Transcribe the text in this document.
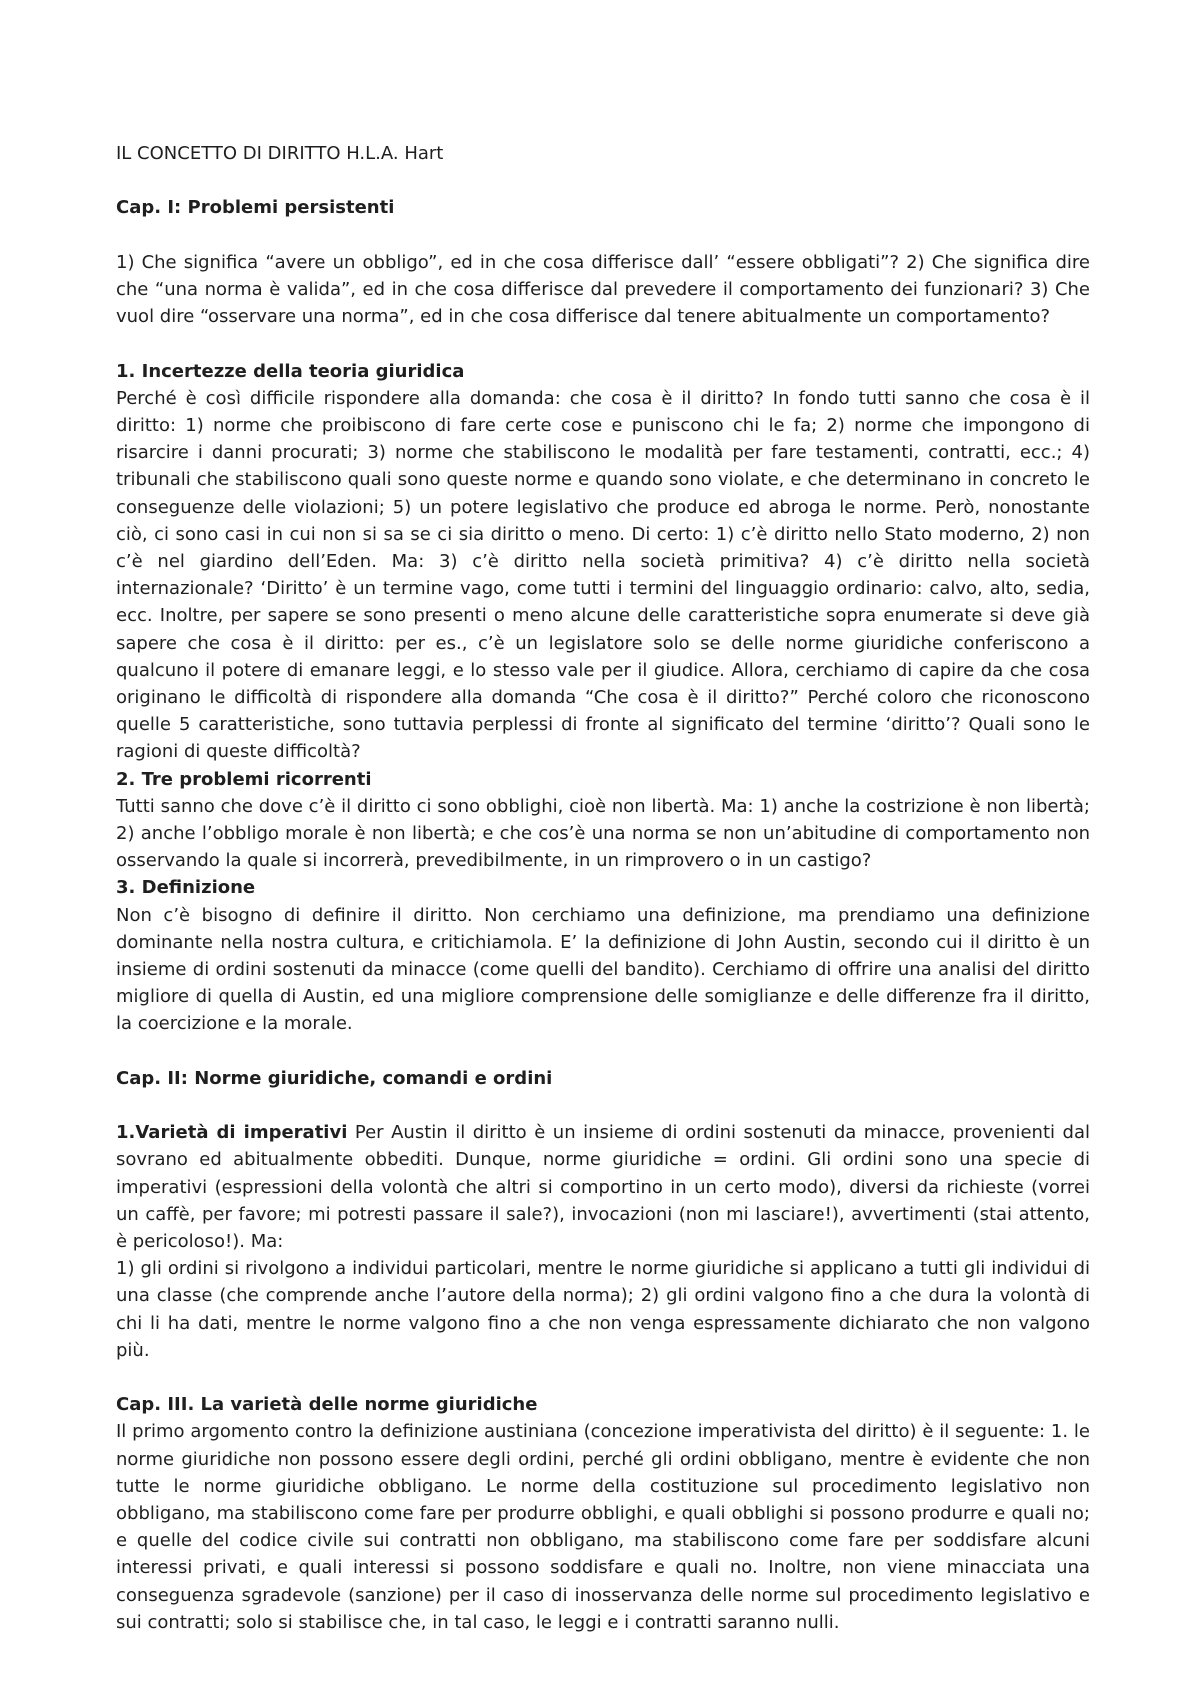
IL CONCETTO DI DIRITTO H.L.A. Hart

Cap. I: Problemi persistenti

1) Che significa “avere un obbligo”, ed in che cosa differisce dall’ “essere obbligati”? 2) Che significa dire che “una norma è valida”, ed in che cosa differisce dal prevedere il comportamento dei funzionari? 3) Che vuol dire “osservare una norma”, ed in che cosa differisce dal tenere abitualmente un comportamento?

1. Incertezze della teoria giuridica

Perché è così difficile rispondere alla domanda: che cosa è il diritto? In fondo tutti sanno che cosa è il diritto: 1) norme che proibiscono di fare certe cose e puniscono chi le fa; 2) norme che impongono di risarcire i danni procurati; 3) norme che stabiliscono le modalità per fare testamenti, contratti, ecc.; 4) tribunali che stabiliscono quali sono queste norme e quando sono violate, e che determinano in concreto le conseguenze delle violazioni; 5) un potere legislativo che produce ed abroga le norme. Però, nonostante ciò, ci sono casi in cui non si sa se ci sia diritto o meno. Di certo: 1) c’è diritto nello Stato moderno, 2) non c’è nel giardino dell’Eden. Ma: 3) c’è diritto nella società primitiva? 4) c’è diritto nella società internazionale? ‘Diritto’ è un termine vago, come tutti i termini del linguaggio ordinario: calvo, alto, sedia, ecc. Inoltre, per sapere se sono presenti o meno alcune delle caratteristiche sopra enumerate si deve già sapere che cosa è il diritto: per es., c’è un legislatore solo se delle norme giuridiche conferiscono a qualcuno il potere di emanare leggi, e lo stesso vale per il giudice. Allora, cerchiamo di capire da che cosa originano le difficoltà di rispondere alla domanda “Che cosa è il diritto?” Perché coloro che riconoscono quelle 5 caratteristiche, sono tuttavia perplessi di fronte al significato del termine ‘diritto’? Quali sono le ragioni di queste difficoltà?

2. Tre problemi ricorrenti

Tutti sanno che dove c’è il diritto ci sono obblighi, cioè non libertà. Ma: 1) anche la costrizione è non libertà; 2) anche l’obbligo morale è non libertà; e che cos’è una norma se non un’abitudine di comportamento non osservando la quale si incorrerà, prevedibilmente, in un rimprovero o in un castigo?

3. Definizione

Non c’è bisogno di definire il diritto. Non cerchiamo una definizione, ma prendiamo una definizione dominante nella nostra cultura, e critichiamola. E’ la definizione di John Austin, secondo cui il diritto è un insieme di ordini sostenuti da minacce (come quelli del bandito). Cerchiamo di offrire una analisi del diritto migliore di quella di Austin, ed una migliore comprensione delle somiglianze e delle differenze fra il diritto, la coercizione e la morale.

Cap. II: Norme giuridiche, comandi e ordini

1.Varietà di imperativi Per Austin il diritto è un insieme di ordini sostenuti da minacce, provenienti dal sovrano ed abitualmente obbediti. Dunque, norme giuridiche = ordini. Gli ordini sono una specie di imperativi (espressioni della volontà che altri si comportino in un certo modo), diversi da richieste (vorrei un caffè, per favore; mi potresti passare il sale?), invocazioni (non mi lasciare!), avvertimenti (stai attento, è pericoloso!). Ma:

1) gli ordini si rivolgono a individui particolari, mentre le norme giuridiche si applicano a tutti gli individui di una classe (che comprende anche l’autore della norma); 2) gli ordini valgono fino a che dura la volontà di chi li ha dati, mentre le norme valgono fino a che non venga espressamente dichiarato che non valgono più.

Cap. III. La varietà delle norme giuridiche

Il primo argomento contro la definizione austiniana (concezione imperativista del diritto) è il seguente: 1. le norme giuridiche non possono essere degli ordini, perché gli ordini obbligano, mentre è evidente che non tutte le norme giuridiche obbligano. Le norme della costituzione sul procedimento legislativo non obbligano, ma stabiliscono come fare per produrre obblighi, e quali obblighi si possono produrre e quali no; e quelle del codice civile sui contratti non obbligano, ma stabiliscono come fare per soddisfare alcuni interessi privati, e quali interessi si possono soddisfare e quali no. Inoltre, non viene minacciata una conseguenza sgradevole (sanzione) per il caso di inosservanza delle norme sul procedimento legislativo e sui contratti; solo si stabilisce che, in tal caso, le leggi e i contratti saranno nulli.
